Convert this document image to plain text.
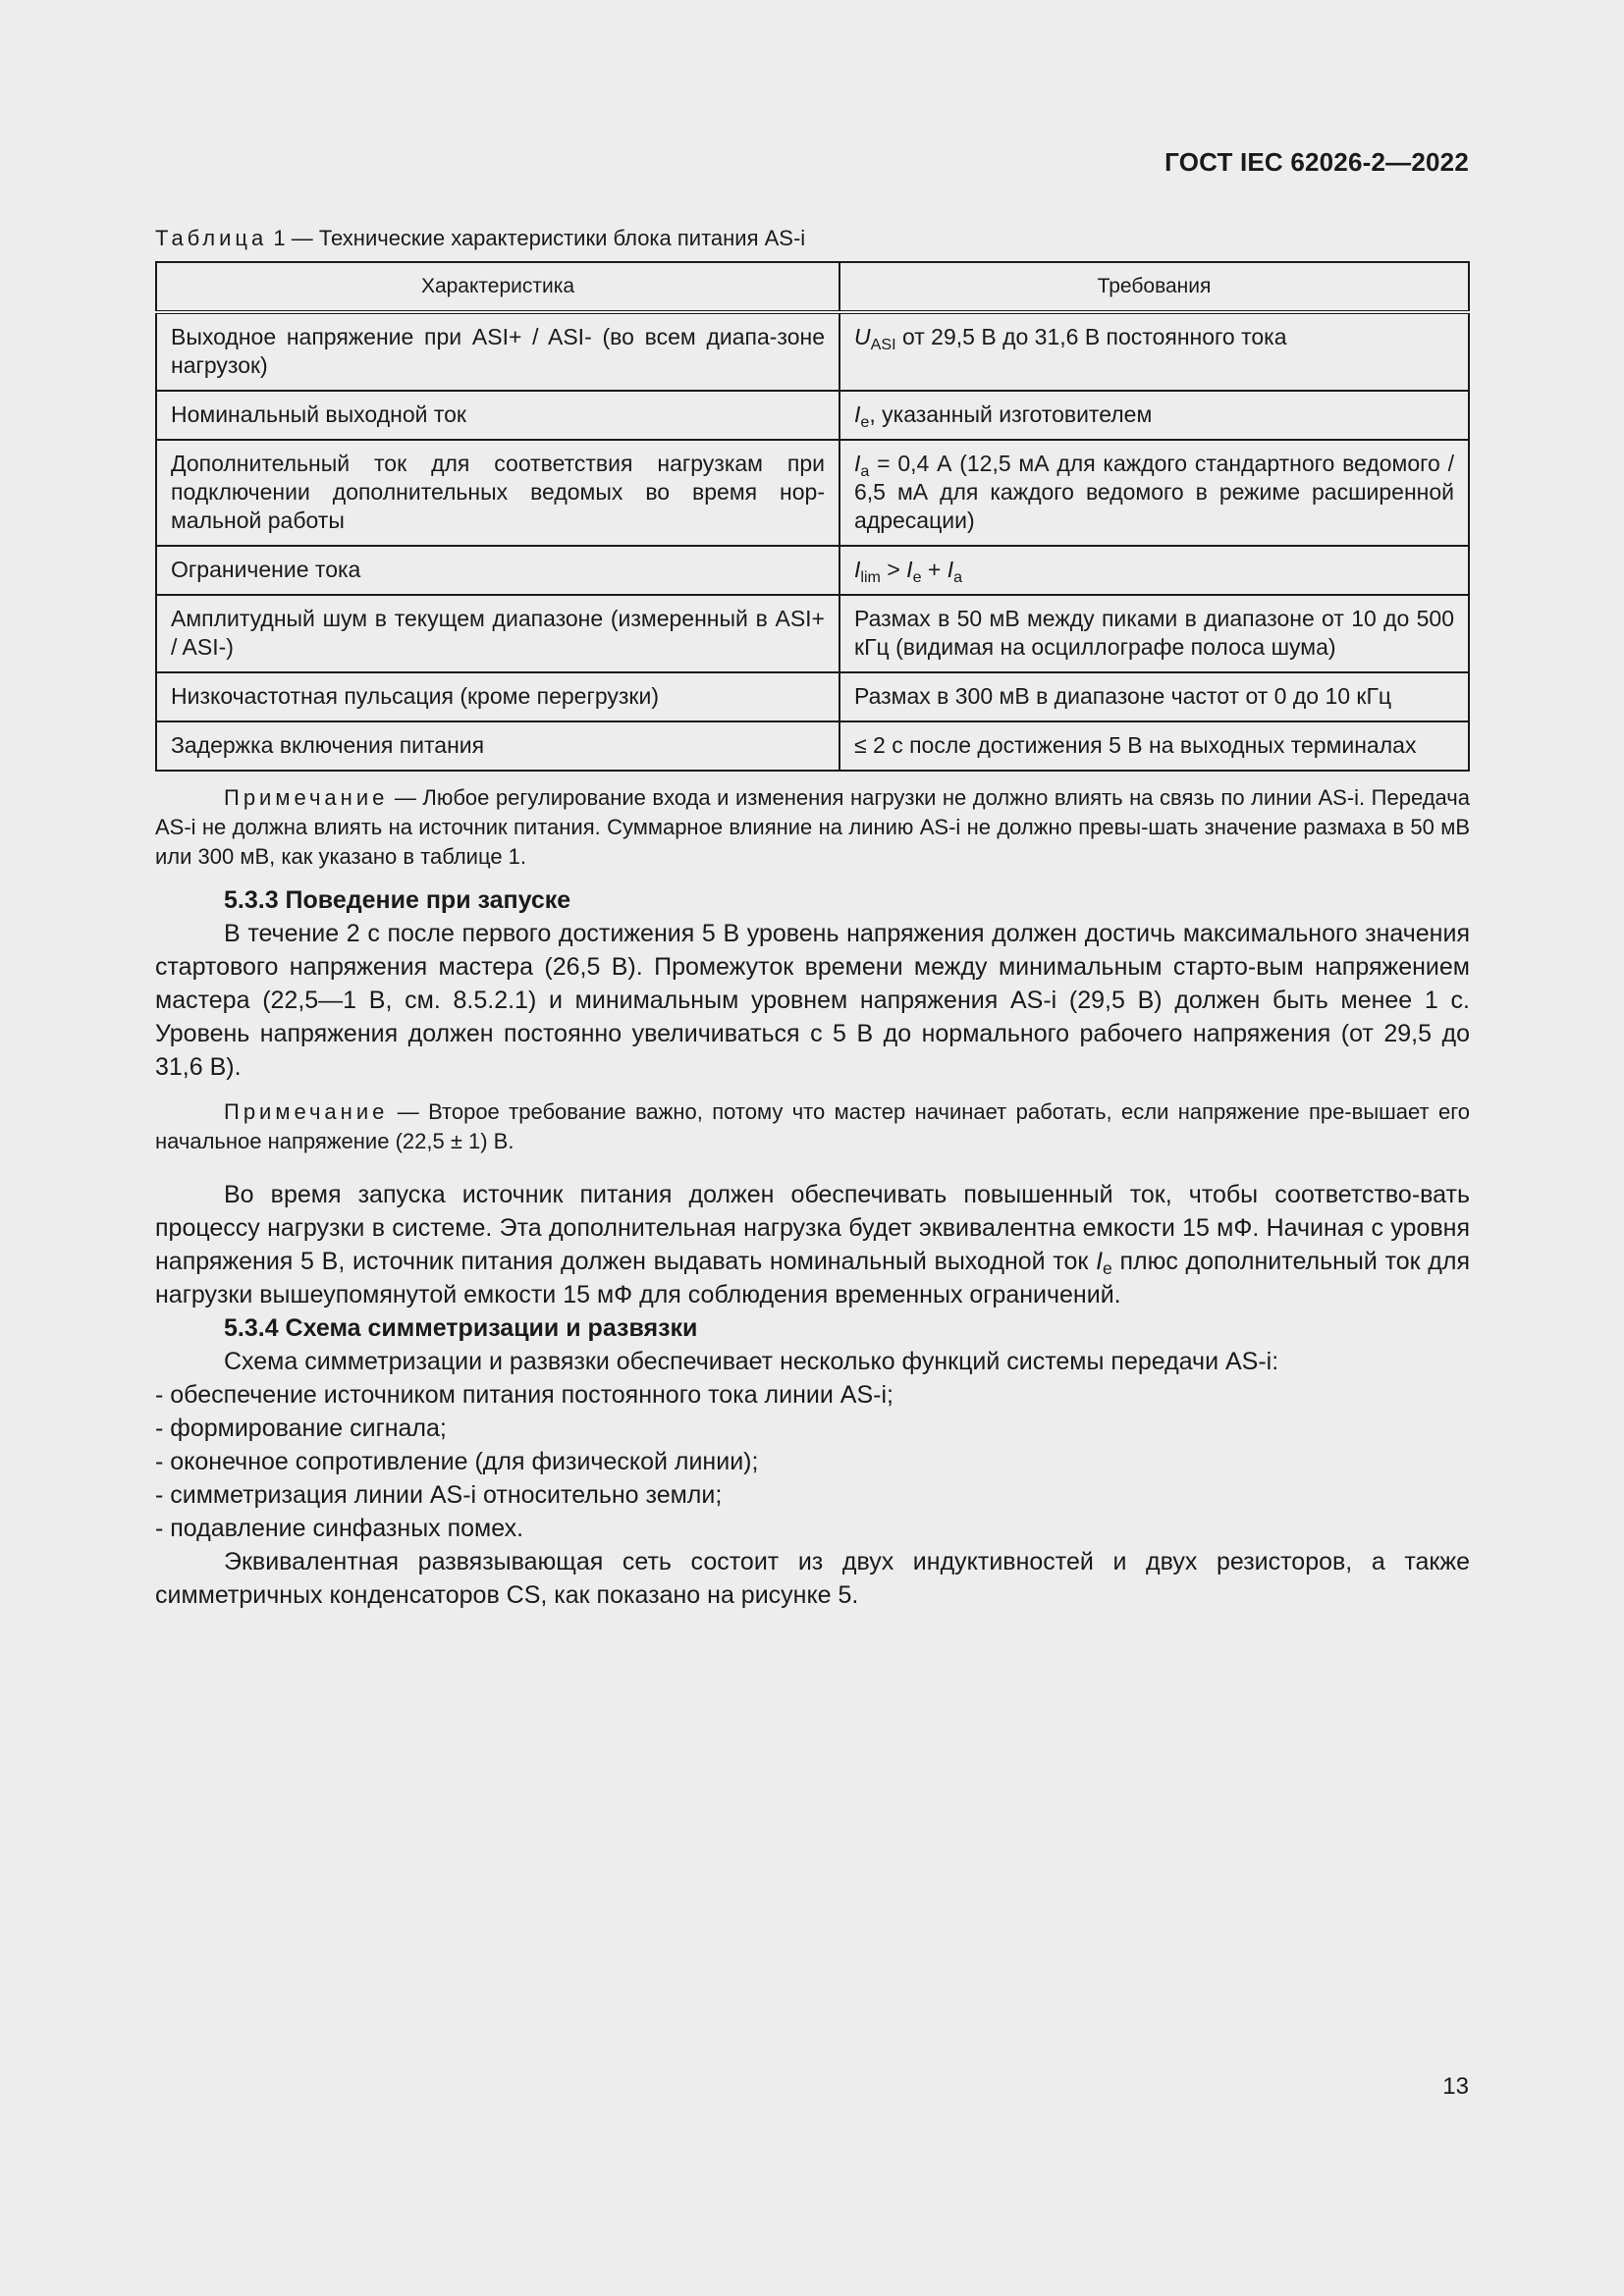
ГОСТ IEC 62026-2—2022
Таблица 1 — Технические характеристики блока питания AS-i
Характеристика	Требования
Выходное напряжение при ASI+ / ASI- (во всем диапа-зоне нагрузок)	$U_{ASI}$ от 29,5 В до 31,6 В постоянного тока
Номинальный выходной ток	$I_e$, указанный изготовителем
Дополнительный ток для соответствия нагрузкам при подключении дополнительных ведомых во время нор-мальной работы	$I_a = 0,4$ А (12,5 мА для каждого стандартного ведомого / 6,5 мА для каждого ведомого в режиме расширенной адресации)
Ограничение тока	$I_{lim} > I_e + I_a$
Амплитудный шум в текущем диапазоне (измеренный в ASI+ / ASI-)	Размах в 50 мВ между пиками в диапазоне от 10 до 500 кГц (видимая на осциллографе полоса шума)
Низкочастотная пульсация (кроме перегрузки)	Размах в 300 мВ в диапазоне частот от 0 до 10 кГц
Задержка включения питания	≤ 2 с после достижения 5 В на выходных терминалах

Примечание — Любое регулирование входа и изменения нагрузки не должно влиять на связь по линии AS-i. Передача AS-i не должна влиять на источник питания. Суммарное влияние на линию AS-i не должно превы-шать значение размаха в 50 мВ или 300 мВ, как указано в таблице 1.

5.3.3 Поведение при запуске

В течение 2 с после первого достижения 5 В уровень напряжения должен достичь максимального значения стартового напряжения мастера (26,5 В). Промежуток времени между минимальным старто-вым напряжением мастера (22,5—1 В, см. 8.5.2.1) и минимальным уровнем напряжения AS-i (29,5 В) должен быть менее 1 с. Уровень напряжения должен постоянно увеличиваться с 5 В до нормального рабочего напряжения (от 29,5 до 31,6 В).

Примечание — Второе требование важно, потому что мастер начинает работать, если напряжение пре-вышает его начальное напряжение (22,5 ± 1) В.

Во время запуска источник питания должен обеспечивать повышенный ток, чтобы соответство-вать процессу нагрузки в системе. Эта дополнительная нагрузка будет эквивалентна емкости 15 мФ. Начиная с уровня напряжения 5 В, источник питания должен выдавать номинальный выходной ток $I_e$ плюс дополнительный ток для нагрузки вышеупомянутой емкости 15 мФ для соблюдения временных ограничений.

5.3.4 Схема симметризации и развязки

Схема симметризации и развязки обеспечивает несколько функций системы передачи AS-i:

- обеспечение источником питания постоянного тока линии AS-i;

- формирование сигнала;

- оконечное сопротивление (для физической линии);

- симметризация линии AS-i относительно земли;

- подавление синфазных помех.

Эквивалентная развязывающая сеть состоит из двух индуктивностей и двух резисторов, а также симметричных конденсаторов CS, как показано на рисунке 5.

13
